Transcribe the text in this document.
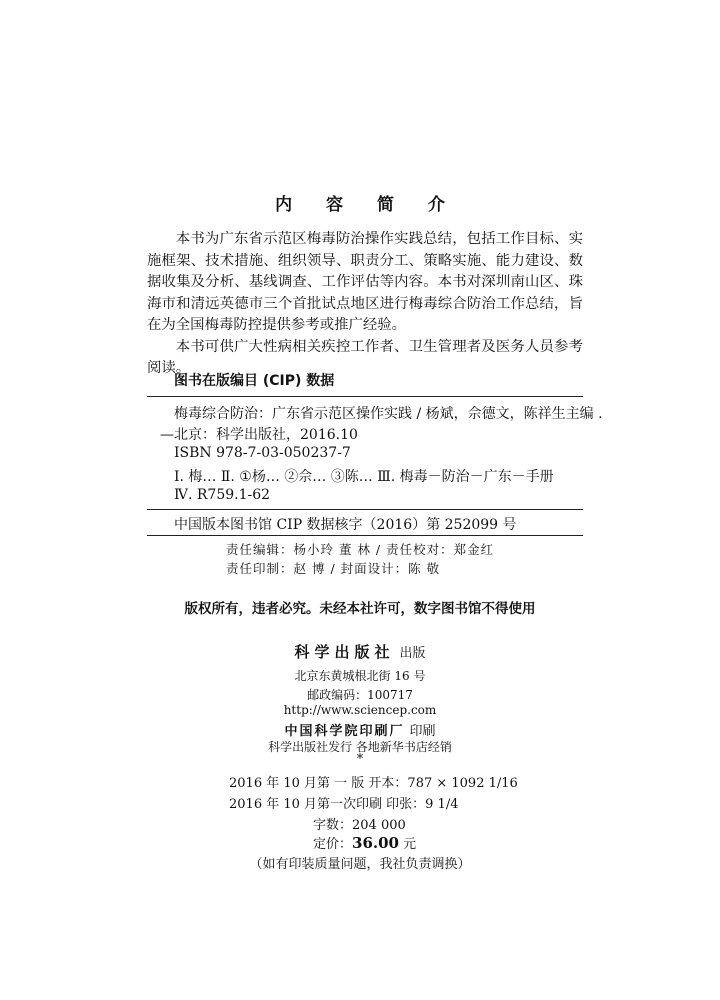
内 容 简 介

本书为广东省示范区梅毒防治操作实践总结，包括工作目标、实施框架、技术措施、组织领导、职责分工、策略实施、能力建设、数据收集及分析、基线调查、工作评估等内容。本书对深圳南山区、珠海市和清远英德市三个首批试点地区进行梅毒综合防治工作总结，旨在为全国梅毒防控提供参考或推广经验。

本书可供广大性病相关疾控工作者、卫生管理者及医务人员参考阅读。

图书在版编目 (CIP) 数据
梅毒综合防治：广东省示范区操作实践 / 杨斌，佘德文，陈祥生主编 .
—北京：科学出版社，2016.10
ISBN 978-7-03-050237-7
Ⅰ. 梅… Ⅱ. ①杨… ②佘… ③陈… Ⅲ. 梅毒－防治－广东－手册
Ⅳ. R759.1-62
中国版本图书馆 CIP 数据核字（2016）第 252099 号
责任编辑：杨小玲 董 林 / 责任校对：郑金红
责任印制：赵 博 / 封面设计：陈 敬
版权所有，违者必究。未经本社许可，数字图书馆不得使用
科学出版社 出版
北京东黄城根北街 16 号
邮政编码：100717
http://www.sciencep.com
中国科学院印刷厂 印刷
科学出版社发行 各地新华书店经销
*
2016 年 10 月第 一 版 开本：787 × 1092 1/16
2016 年 10 月第一次印刷 印张：9 1/4
字数：204 000
定价：36.00 元
（如有印装质量问题，我社负责调换）
